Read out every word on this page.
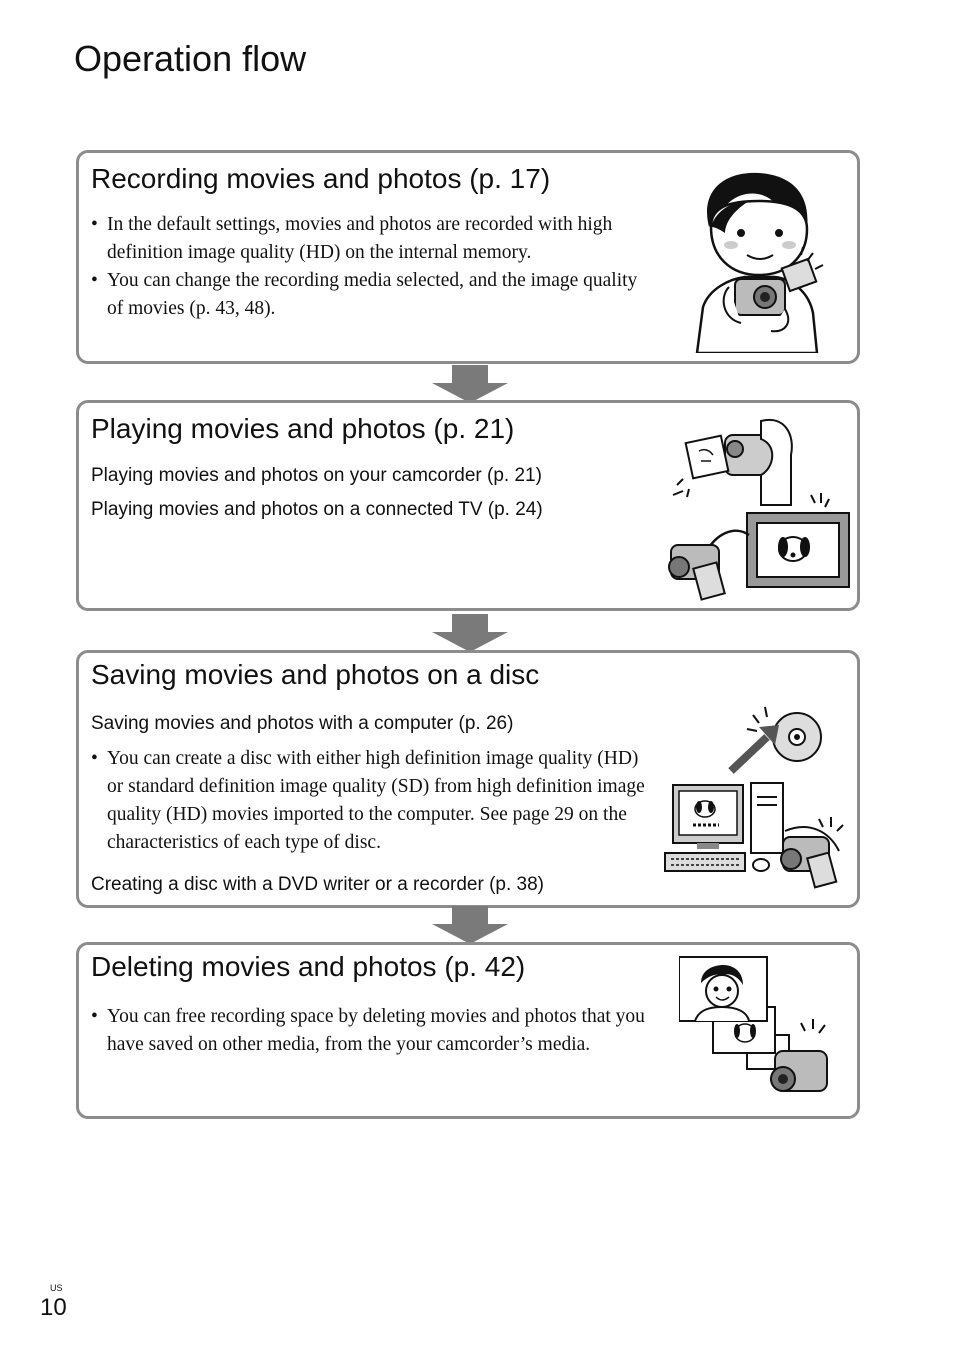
Operation flow
Recording movies and photos (p. 17)
• In the default settings, movies and photos are recorded with high definition image quality (HD) on the internal memory.
• You can change the recording media selected, and the image quality of movies (p. 43, 48).
Playing movies and photos (p. 21)

Playing movies and photos on your camcorder (p. 21)

Playing movies and photos on a connected TV (p. 24)

Saving movies and photos on a disc

Saving movies and photos with a computer (p. 26)

• You can create a disc with either high definition image quality (HD) or standard definition image quality (SD) from high definition image quality (HD) movies imported to the computer. See page 29 on the characteristics of each type of disc.

Creating a disc with a DVD writer or a recorder (p. 38)

Deleting movies and photos (p. 42)
• You can free recording space by deleting movies and photos that you have saved on other media, from the your camcorder’s media.
US
10
